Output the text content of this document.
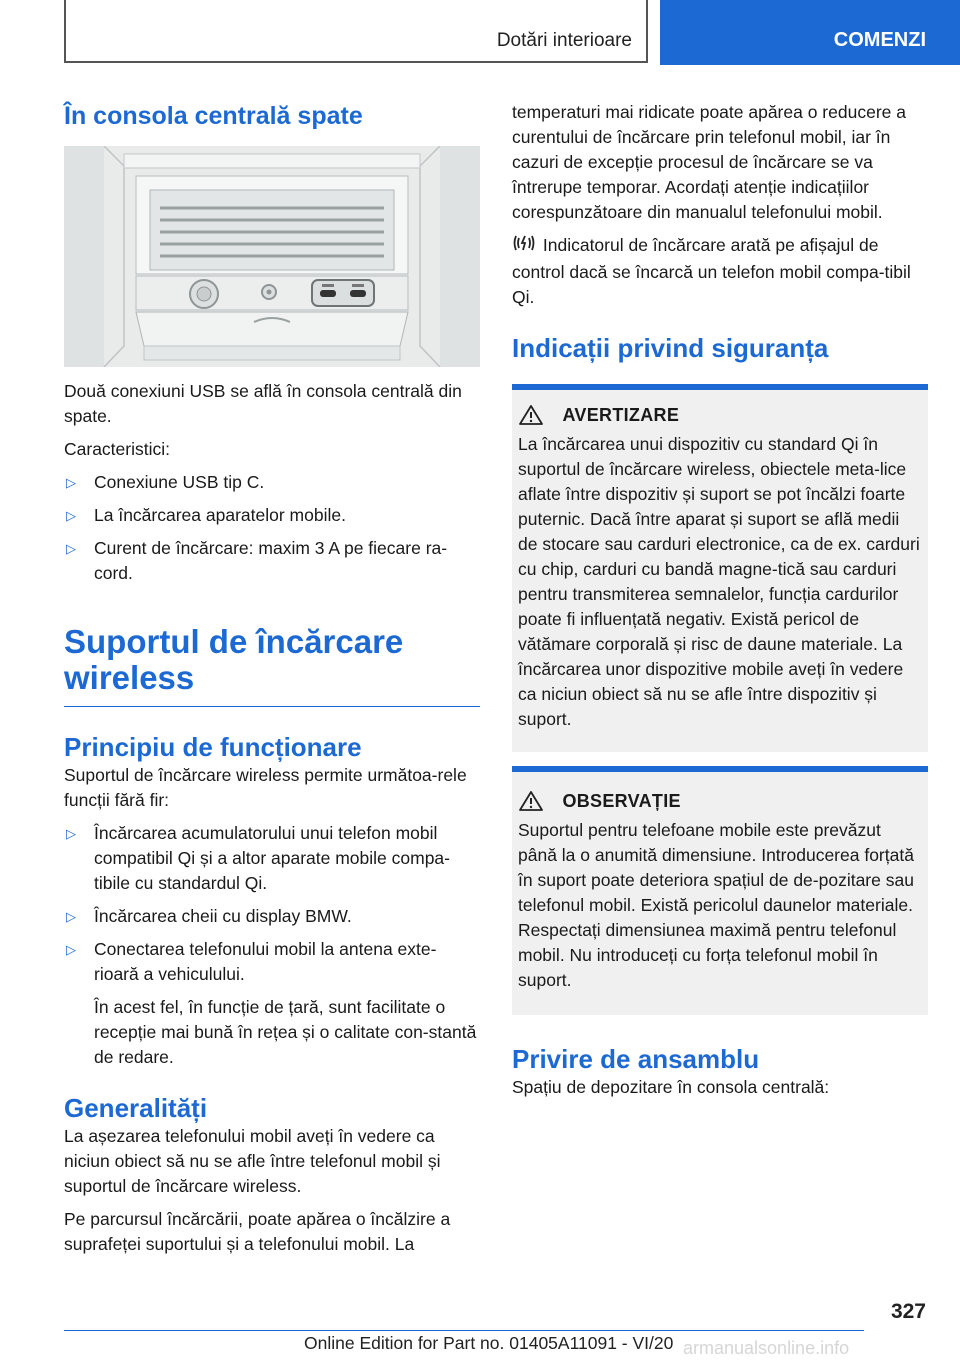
Dotări interioare	COMENZI
În consola centrală spate

Două conexiuni USB se află în consola centrală din spate.

Caracteristici:

▷ Conexiune USB tip C.
▷ La încărcarea aparatelor mobile.
▷ Curent de încărcare: maxim 3 A pe fiecare ra‐cord.
Suportul de încărcare wireless
Principiu de funcționare

Suportul de încărcare wireless permite următoa‐rele funcții fără fir:

▷ Încărcarea acumulatorului unui telefon mobil compatibil Qi și a altor aparate mobile compa‐tibile cu standardul Qi.
▷ Încărcarea cheii cu display BMW.
▷ Conectarea telefonului mobil la antena exte‐rioară a vehiculului.
În acest fel, în funcție de țară, sunt facilitate o recepție mai bună în rețea și o calitate con‐stantă de redare.
Generalități

La așezarea telefonului mobil aveți în vedere ca niciun obiect să nu se afle între telefonul mobil și suportul de încărcare wireless.

Pe parcursul încărcării, poate apărea o încălzire a suprafeței suportului și a telefonului mobil. La

temperaturi mai ridicate poate apărea o reducere a curentului de încărcare prin telefonul mobil, iar în cazuri de excepție procesul de încărcare se va întrerupe temporar. Acordați atenție indicațiilor corespunzătoare din manualul telefonului mobil.

Indicatorul de încărcare arată pe afișajul de control dacă se încarcă un telefon mobil compa‐tibil Qi.

Indicații privind siguranța
AVERTIZARE

La încărcarea unui dispozitiv cu standard Qi în suportul de încărcare wireless, obiectele meta‐lice aflate între dispozitiv și suport se pot încălzi foarte puternic. Dacă între aparat și suport se află medii de stocare sau carduri electronice, ca de ex. carduri cu chip, carduri cu bandă magne‐tică sau carduri pentru transmiterea semnalelor, funcția cardurilor poate fi influențată negativ. Există pericol de vătămare corporală și risc de daune materiale. La încărcarea unor dispozitive mobile aveți în vedere ca niciun obiect să nu se afle între dispozitiv și suport.

OBSERVAȚIE

Suportul pentru telefoane mobile este prevăzut până la o anumită dimensiune. Introducerea forțată în suport poate deteriora spațiul de de‐pozitare sau telefonul mobil. Există pericolul daunelor materiale. Respectați dimensiunea maximă pentru telefonul mobil. Nu introduceți cu forța telefonul mobil în suport.

Privire de ansamblu

Spațiu de depozitare în consola centrală:

327
Online Edition for Part no. 01405A11091 - VI/20 armanualsonline.info
